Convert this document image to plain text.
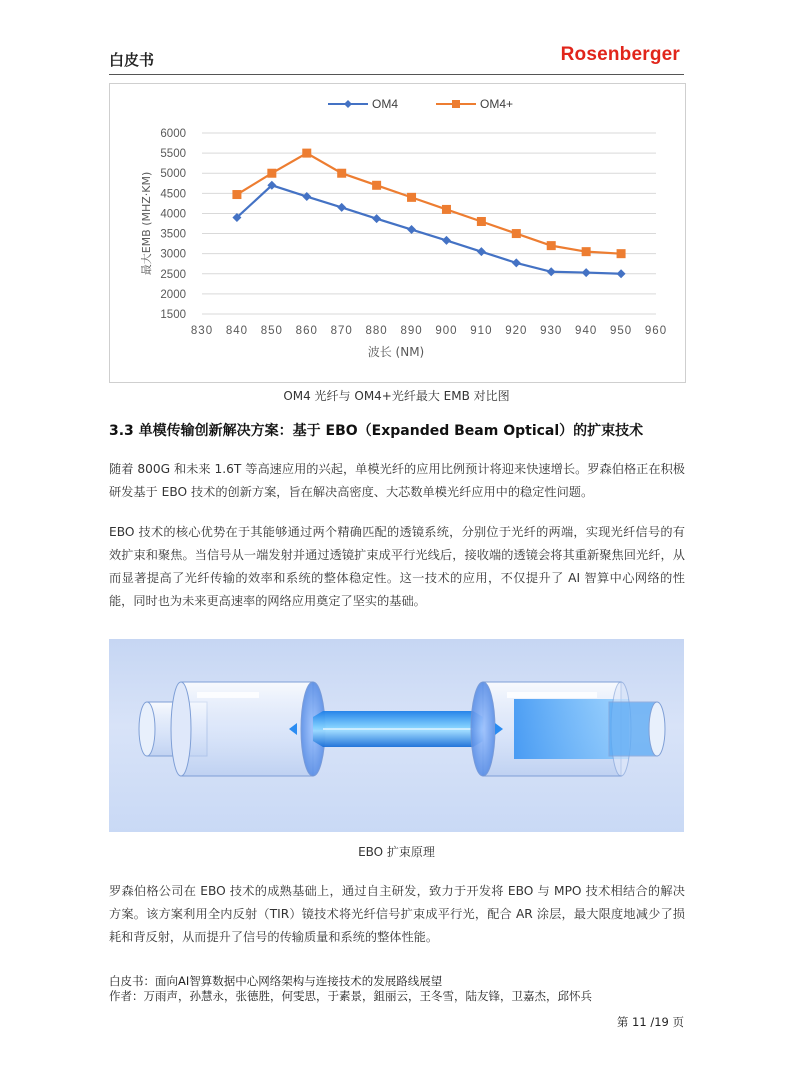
白皮书	Rosenberger
1500
2000
2500
3000
3500
4000
4500
5000
5500
6000
830 840 850 860 870 880 890 900 910 920 930 940 950 960
波长 (NM)
最大EMB (MHZ·KM)
OM4	OM4+
OM4 光纤与 OM4+光纤最大 EMB 对比图
3.3 单模传输创新解决方案：基于 EBO（Expanded Beam Optical）的扩束技术
随着 800G 和未来 1.6T 等高速应用的兴起，单模光纤的应用比例预计将迎来快速增长。罗森伯格正在积极研发基于 EBO 技术的创新方案，旨在解决高密度、大芯数单模光纤应用中的稳定性问题。
EBO 技术的核心优势在于其能够通过两个精确匹配的透镜系统，分别位于光纤的两端，实现光纤信号的有效扩束和聚焦。当信号从一端发射并通过透镜扩束成平行光线后，接收端的透镜会将其重新聚焦回光纤，从而显著提高了光纤传输的效率和系统的整体稳定性。这一技术的应用，不仅提升了 AI 智算中心网络的性能，同时也为未来更高速率的网络应用奠定了坚实的基础。
EBO 扩束原理
罗森伯格公司在 EBO 技术的成熟基础上，通过自主研发，致力于开发将 EBO 与 MPO 技术相结合的解决方案。该方案利用全内反射（TIR）镜技术将光纤信号扩束成平行光，配合 AR 涂层，最大限度地减少了损耗和背反射，从而提升了信号的传输质量和系统的整体性能。
白皮书：面向AI智算数据中心网络架构与连接技术的发展路线展望
作者：万雨声，孙慧永，张德胜，何雯思，于素景，鉏丽云，王冬雪，陆友锋，卫嘉杰，邱怀兵
第 11 /19 页
